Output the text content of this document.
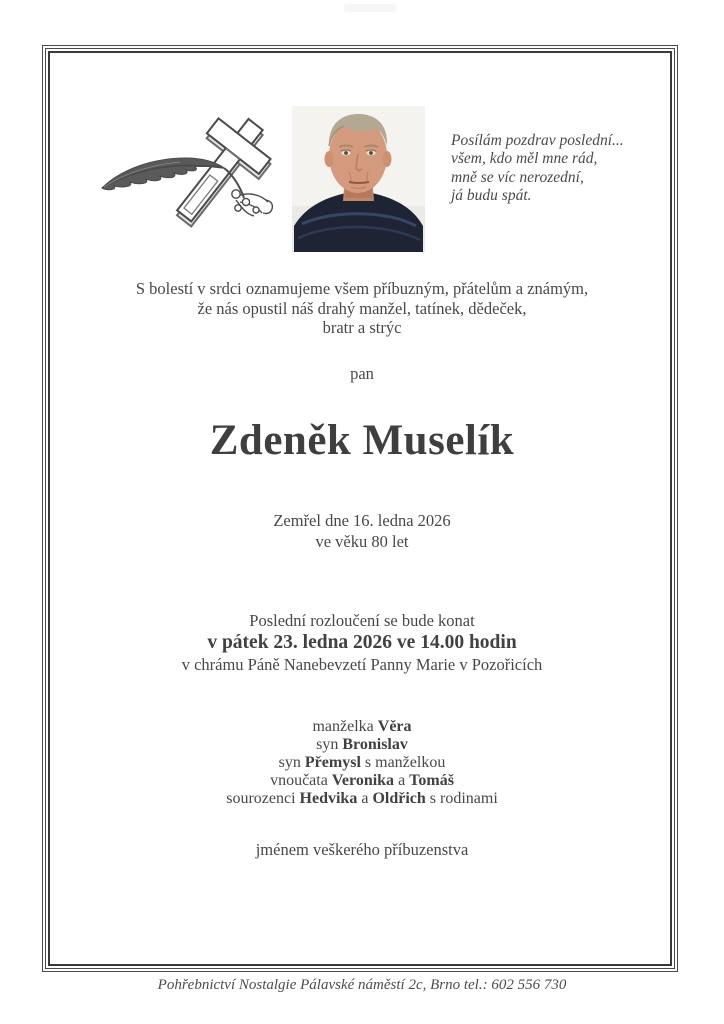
Posílám pozdrav poslední...
všem, kdo měl mne rád,
mně se víc nerozední,
já budu spát.
S bolestí v srdci oznamujeme všem příbuzným, přátelům a známým,
že nás opustil náš drahý manžel, tatínek, dědeček,
bratr a strýc
pan
Zdeněk Muselík
Zemřel dne 16. ledna 2026
ve věku 80 let
Poslední rozloučení se bude konat
v pátek 23. ledna 2026 ve 14.00 hodin
v chrámu Páně Nanebevzetí Panny Marie v Pozořicích
manželka Věra
syn Bronislav
syn Přemysl s manželkou
vnoučata Veronika a Tomáš
sourozenci Hedvika a Oldřich s rodinami
jménem veškerého příbuzenstva
Pohřebnictví Nostalgie Pálavské náměstí 2c, Brno tel.: 602 556 730
